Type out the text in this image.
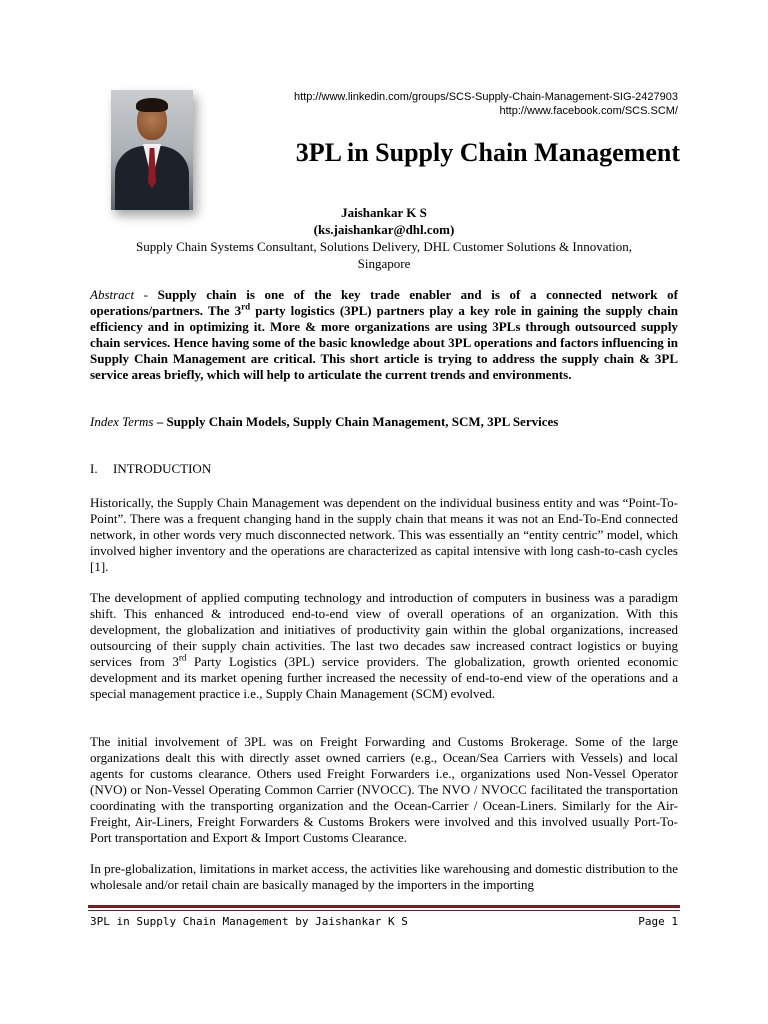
http://www.linkedin.com/groups/SCS-Supply-Chain-Management-SIG-2427903
http://www.facebook.com/SCS.SCM/
3PL in Supply Chain Management
Jaishankar K S
(ks.jaishankar@dhl.com)
Supply Chain Systems Consultant, Solutions Delivery, DHL Customer Solutions & Innovation,
Singapore
Abstract - Supply chain is one of the key trade enabler and is of a connected network of operations/partners. The 3rd party logistics (3PL) partners play a key role in gaining the supply chain efficiency and in optimizing it. More & more organizations are using 3PLs through outsourced supply chain services. Hence having some of the basic knowledge about 3PL operations and factors influencing in Supply Chain Management are critical. This short article is trying to address the supply chain & 3PL service areas briefly, which will help to articulate the current trends and environments.
Index Terms – Supply Chain Models, Supply Chain Management, SCM, 3PL Services
I. INTRODUCTION
Historically, the Supply Chain Management was dependent on the individual business entity and was “Point-To-Point”. There was a frequent changing hand in the supply chain that means it was not an End-To-End connected network, in other words very much disconnected network. This was essentially an “entity centric” model, which involved higher inventory and the operations are characterized as capital intensive with long cash-to-cash cycles [1].
The development of applied computing technology and introduction of computers in business was a paradigm shift. This enhanced & introduced end-to-end view of overall operations of an organization. With this development, the globalization and initiatives of productivity gain within the global organizations, increased outsourcing of their supply chain activities. The last two decades saw increased contract logistics or buying services from 3rd Party Logistics (3PL) service providers. The globalization, growth oriented economic development and its market opening further increased the necessity of end-to-end view of the operations and a special management practice i.e., Supply Chain Management (SCM) evolved.
The initial involvement of 3PL was on Freight Forwarding and Customs Brokerage. Some of the large organizations dealt this with directly asset owned carriers (e.g., Ocean/Sea Carriers with Vessels) and local agents for customs clearance. Others used Freight Forwarders i.e., organizations used Non-Vessel Operator (NVO) or Non-Vessel Operating Common Carrier (NVOCC). The NVO / NVOCC facilitated the transportation coordinating with the transporting organization and the Ocean-Carrier / Ocean-Liners. Similarly for the Air-Freight, Air-Liners, Freight Forwarders & Customs Brokers were involved and this involved usually Port-To-Port transportation and Export & Import Customs Clearance.
In pre-globalization, limitations in market access, the activities like warehousing and domestic distribution to the wholesale and/or retail chain are basically managed by the importers in the importing
3PL in Supply Chain Management by Jaishankar K S	Page 1
